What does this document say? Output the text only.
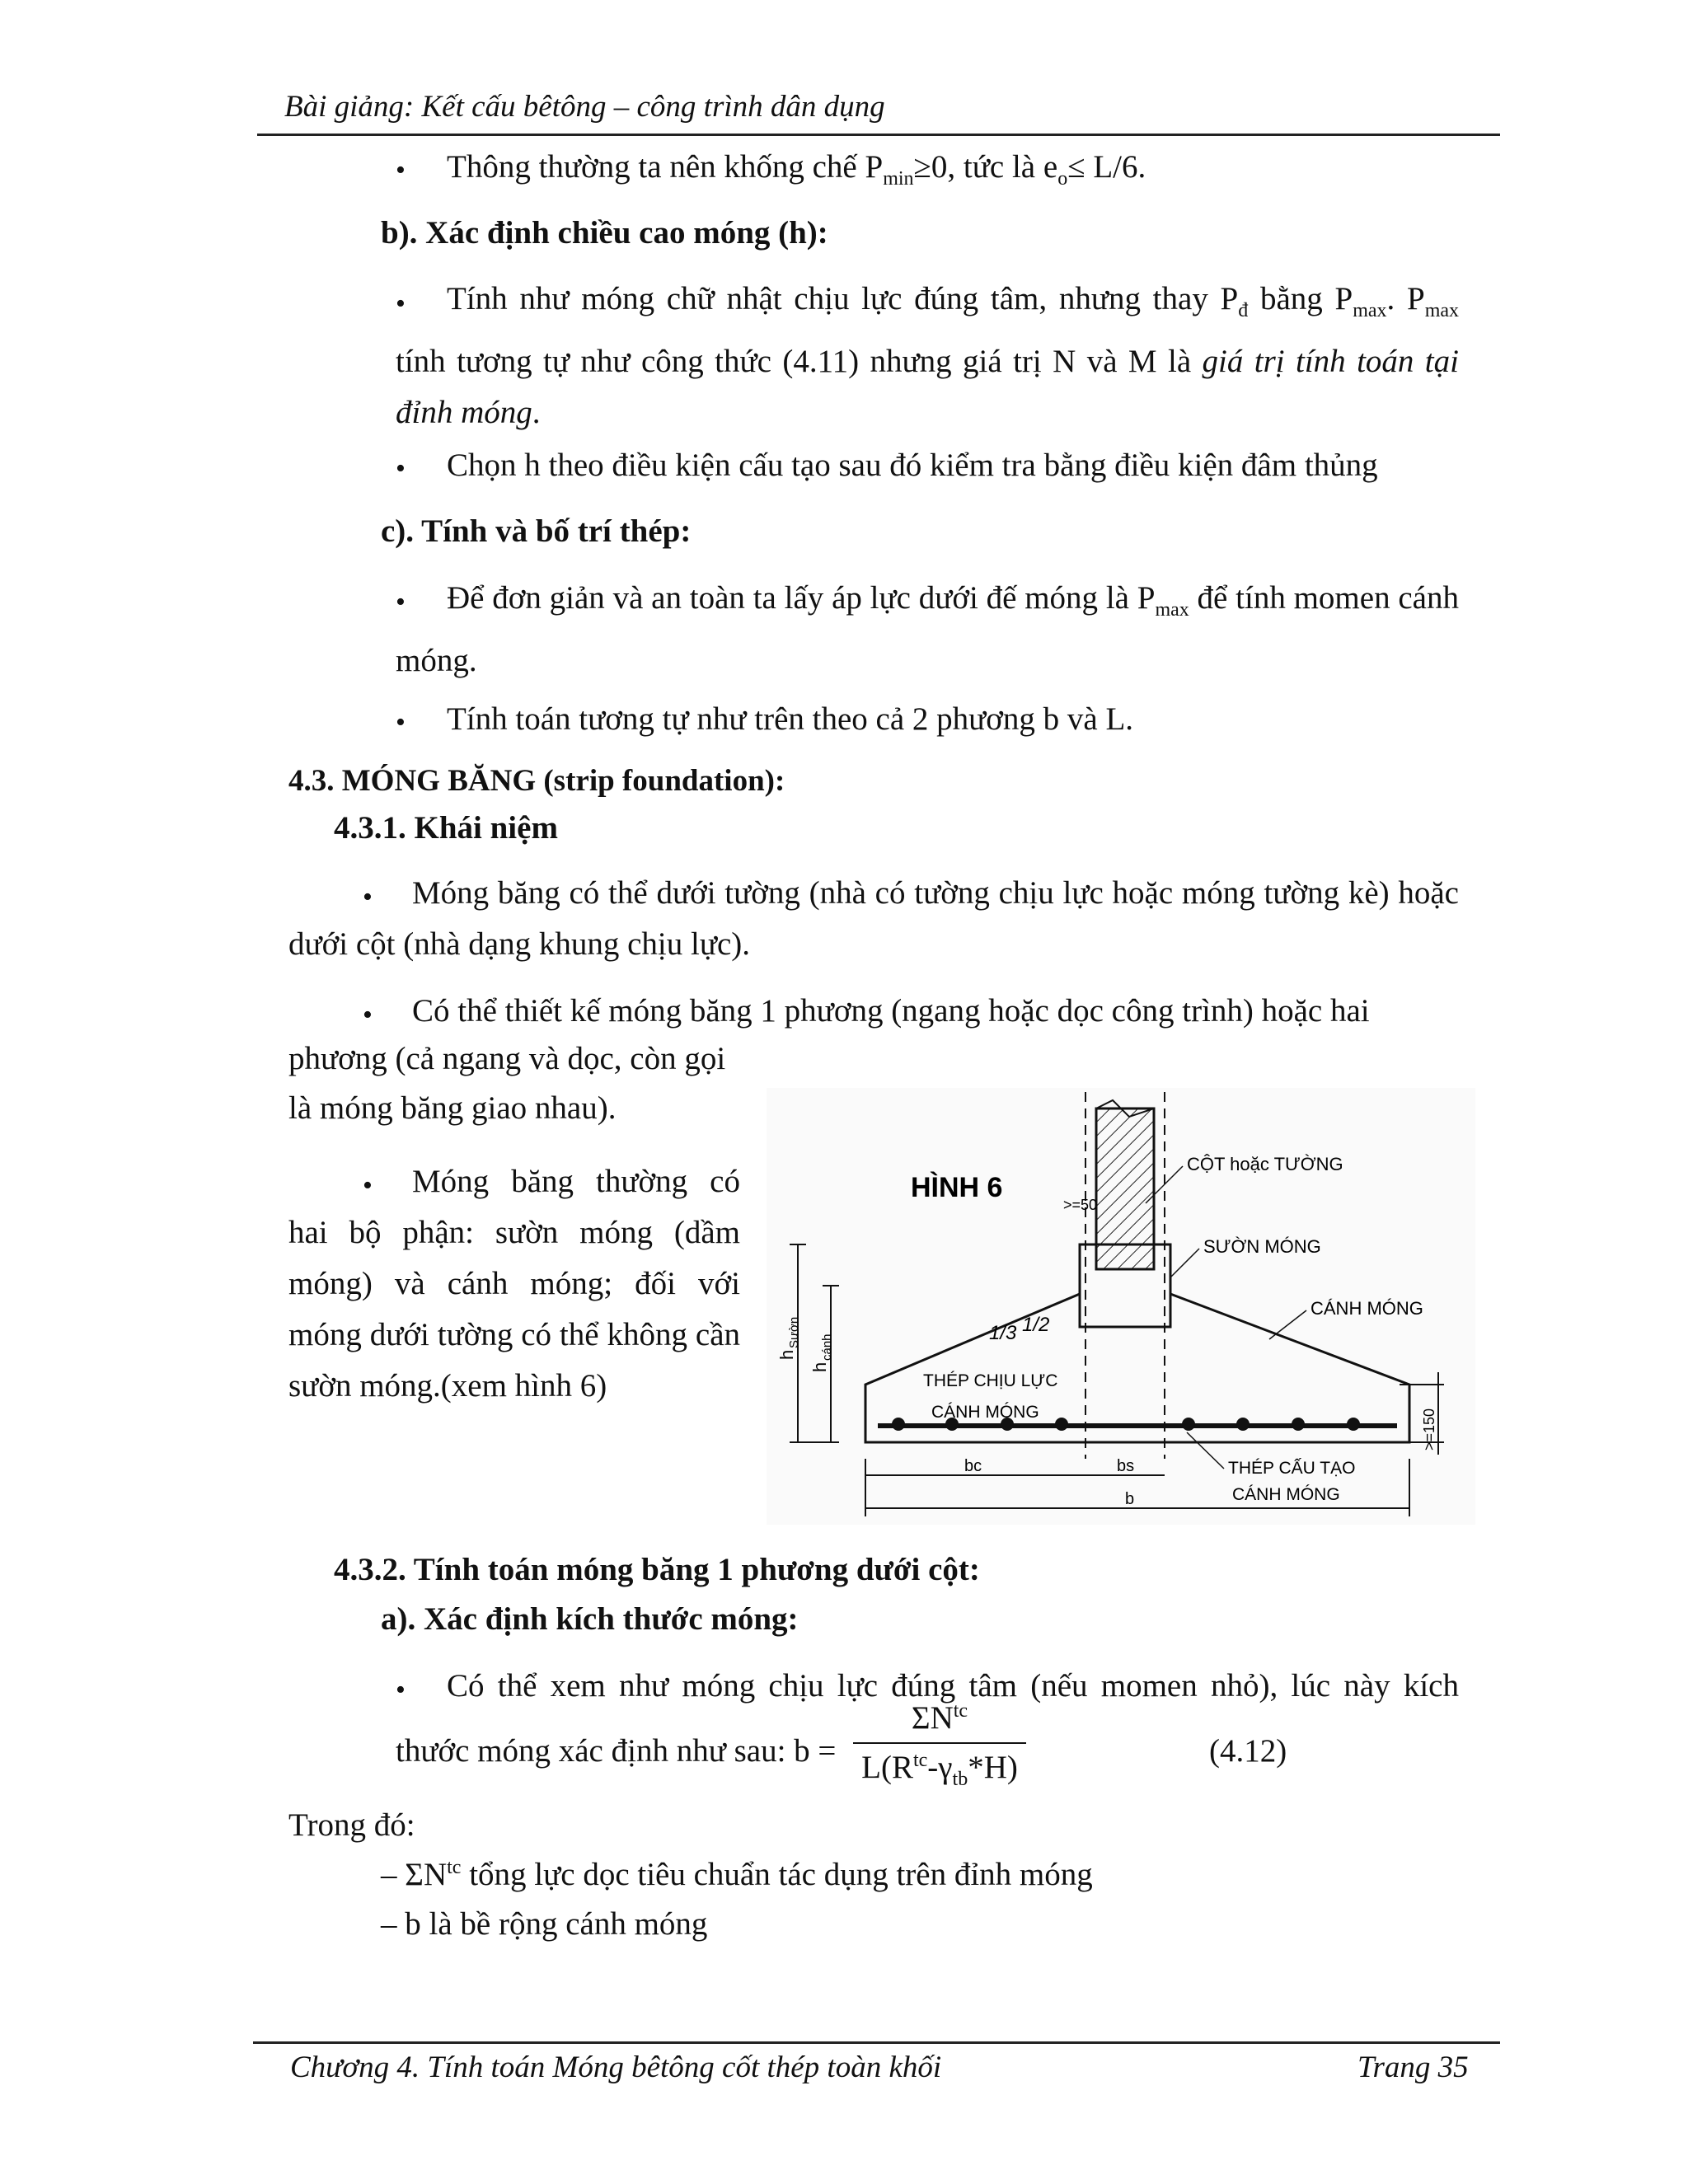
Bài giảng: Kết cấu bêtông – công trình dân dụng
• Thông thường ta nên khống chế $P_{min}\ge 0$, tức là $e_o\le L/6$.
b). Xác định chiều cao móng (h):
•	Tính như móng chữ nhật chịu lực đúng tâm, nhưng thay $P_đ$ bằng $P_{max}$. $P_{max}$ tính tương tự như công thức (4.11) nhưng giá trị N và M là giá trị tính toán tại đỉnh móng.
• Chọn h theo điều kiện cấu tạo sau đó kiểm tra bằng điều kiện đâm thủng
c). Tính và bố trí thép:
•	Để đơn giản và an toàn ta lấy áp lực dưới đế móng là $P_{max}$ để tính momen cánh móng.
• Tính toán tương tự như trên theo cả 2 phương b và L.
4.3. MÓNG BĂNG (strip foundation):
4.3.1. Khái niệm
•	Móng băng có thể dưới tường (nhà có tường chịu lực hoặc móng tường kè) hoặc dưới cột (nhà dạng khung chịu lực).
•	Có thể thiết kế móng băng 1 phương (ngang hoặc dọc công trình) hoặc hai
phương (cả ngang và dọc, còn gọi
là móng băng giao nhau).
•	Móng băng thường có hai bộ phận: sườn móng (dầm móng) và cánh móng; đối với móng dưới tường có thể không cần sườn móng.(xem hình 6)
HÌNH 6
CỘT hoặc TƯỜNG
SƯỜN MÓNG
CÁNH MÓNG
THÉP CHỊU LỰC
CÁNH MÓNG
THÉP CẤU TẠO
CÁNH MÓNG
>=50
1/3 1/2
h
Sườn
h
cánh
>=150
bc	bs
b
4.3.2. Tính toán móng băng 1 phương dưới cột:
a). Xác định kích thước móng:
• Có thể xem như móng chịu lực đúng tâm (nếu momen nhỏ), lúc này kích
thước móng xác định như sau: b =
$\Sigma N^{tc}$
$L(R^{tc}-\gamma_{tb}*H)$	(4.12)
Trong đó:
– $\Sigma N^{tc}$ tổng lực dọc tiêu chuẩn tác dụng trên đỉnh móng
– b là bề rộng cánh móng
Chương 4. Tính toán Móng bêtông cốt thép toàn khối	Trang 35
